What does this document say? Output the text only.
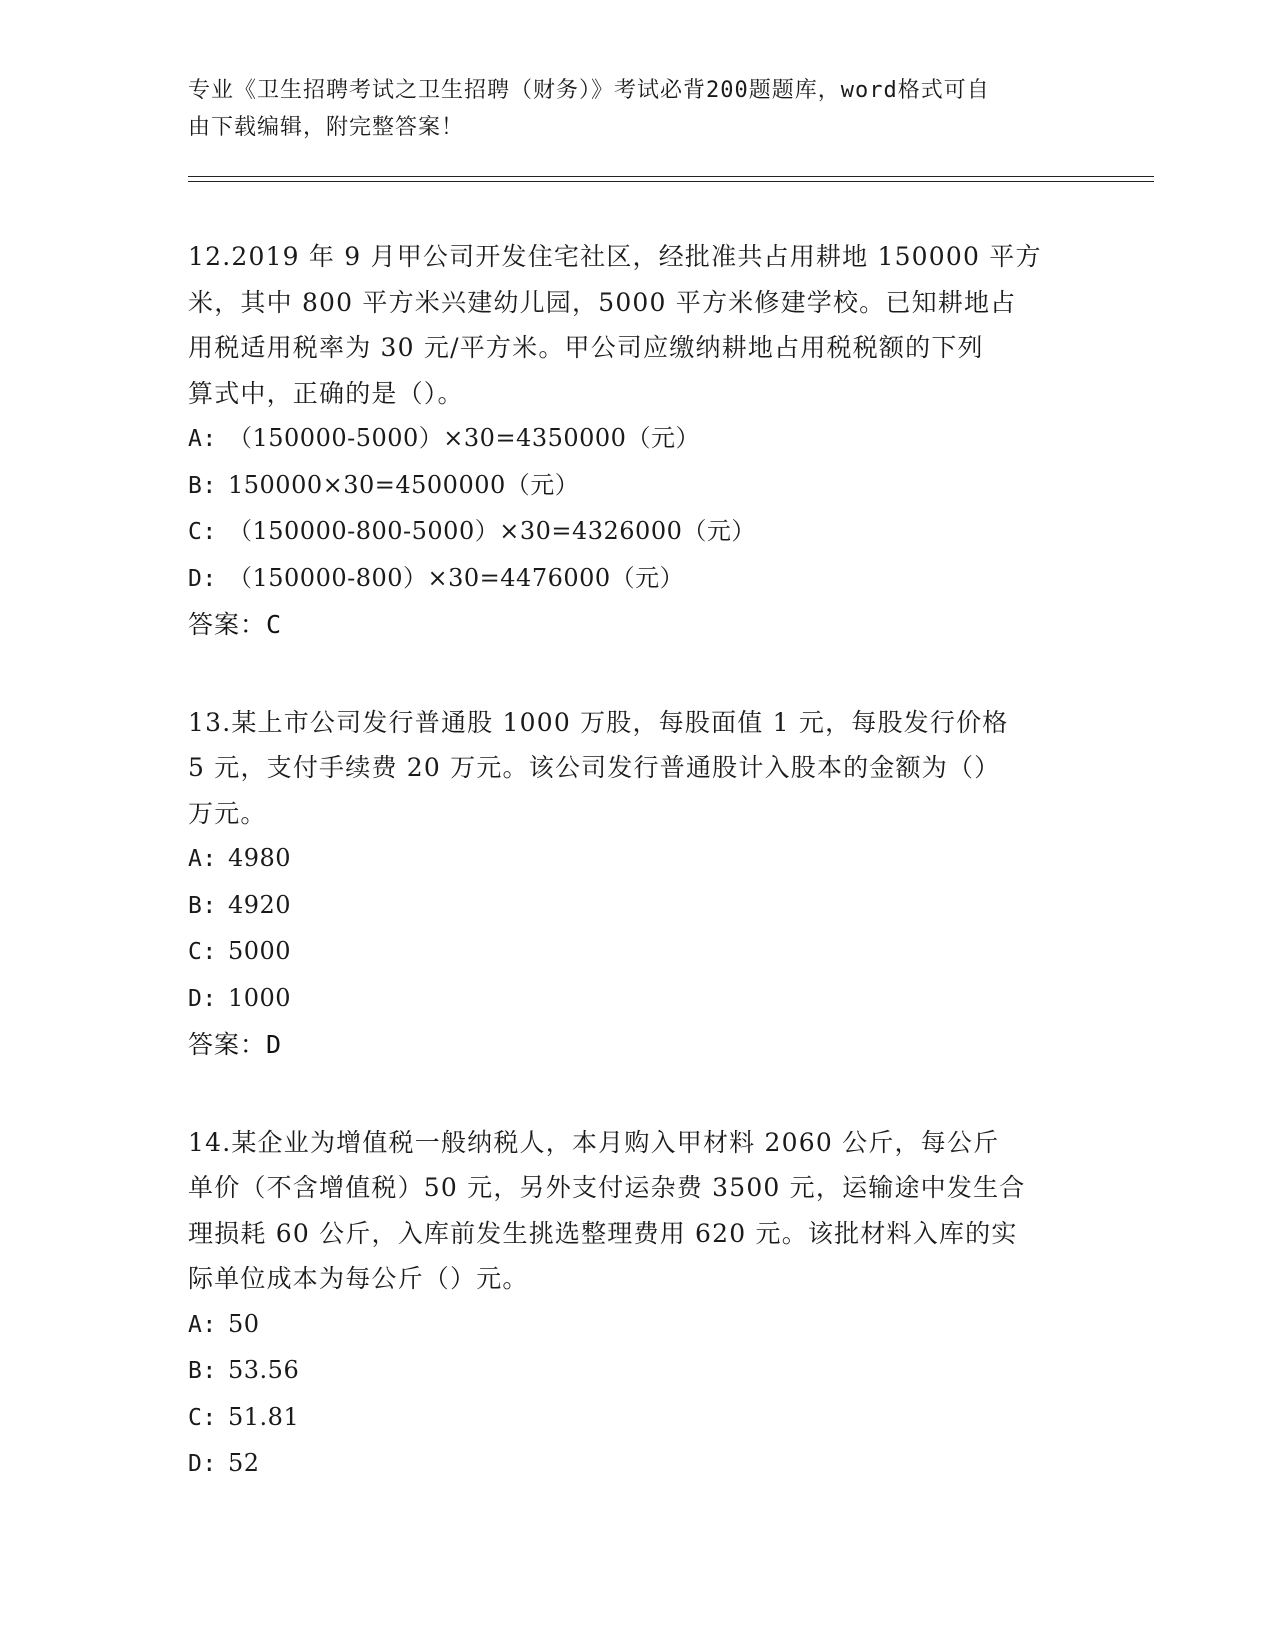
专业《卫生招聘考试之卫生招聘（财务）》考试必背200题题库，word格式可自
由下载编辑，附完整答案！
12.2019 年 9 月甲公司开发住宅社区，经批准共占用耕地 150000 平方
米，其中 800 平方米兴建幼儿园，5000 平方米修建学校。已知耕地占
用税适用税率为 30 元/平方米。甲公司应缴纳耕地占用税税额的下列
算式中，正确的是（）。
A: （150000-5000）×30=4350000（元）
B: 150000×30=4500000（元）
C: （150000-800-5000）×30=4326000（元）
D: （150000-800）×30=4476000（元）
答案：C
13.某上市公司发行普通股 1000 万股，每股面值 1 元，每股发行价格
5 元，支付手续费 20 万元。该公司发行普通股计入股本的金额为（）
万元。
A: 4980
B: 4920
C: 5000
D: 1000
答案：D
14.某企业为增值税一般纳税人，本月购入甲材料 2060 公斤，每公斤
单价（不含增值税）50 元，另外支付运杂费 3500 元，运输途中发生合
理损耗 60 公斤，入库前发生挑选整理费用 620 元。该批材料入库的实
际单位成本为每公斤（）元。
A: 50
B: 53.56
C: 51.81
D: 52
